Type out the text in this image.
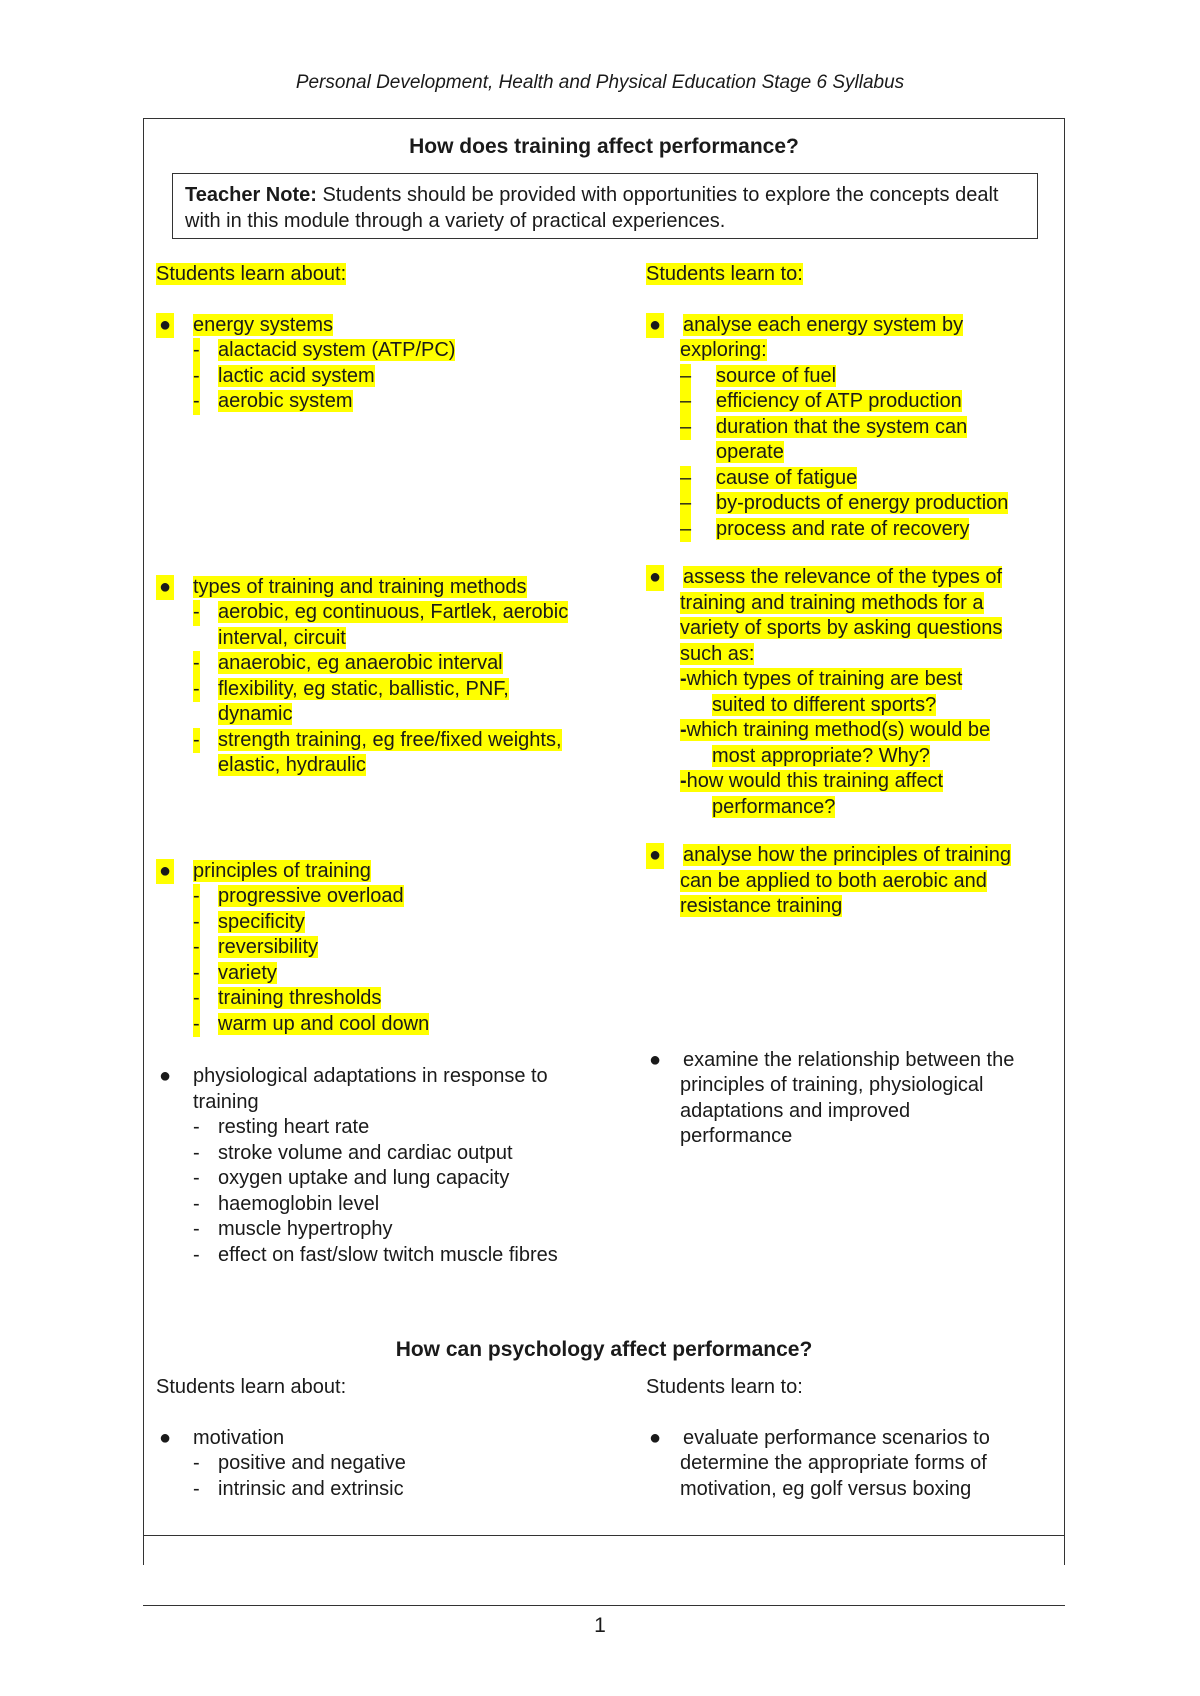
Personal Development, Health and Physical Education Stage 6 Syllabus
How does training affect performance?
Teacher Note: Students should be provided with opportunities to explore the concepts dealt with in this module through a variety of practical experiences.
Students learn about:
● energy systems
- alactacid system (ATP/PC)
- lactic acid system
- aerobic system
● types of training and training methods
- aerobic, eg continuous, Fartlek, aerobic
interval, circuit
- anaerobic, eg anaerobic interval
- flexibility, eg static, ballistic, PNF,
dynamic
- strength training, eg free/fixed weights,
elastic, hydraulic
● principles of training
- progressive overload
- specificity
- reversibility
- variety
- training thresholds
- warm up and cool down
● physiological adaptations in response to
training
- resting heart rate
- stroke volume and cardiac output
- oxygen uptake and lung capacity
- haemoglobin level
- muscle hypertrophy
- effect on fast/slow twitch muscle fibres
Students learn to:
● analyse each energy system by
exploring:
– source of fuel
– efficiency of ATP production
– duration that the system can
operate
– cause of fatigue
– by-products of energy production
– process and rate of recovery
● assess the relevance of the types of
training and training methods for a
variety of sports by asking questions
such as:
-which types of training are best
suited to different sports?
-which training method(s) would be
most appropriate? Why?
-how would this training affect
performance?
● analyse how the principles of training
can be applied to both aerobic and
resistance training
● examine the relationship between the
principles of training, physiological
adaptations and improved
performance
How can psychology affect performance?
Students learn about:
● motivation
- positive and negative
- intrinsic and extrinsic
Students learn to:
● evaluate performance scenarios to
determine the appropriate forms of
motivation, eg golf versus boxing
1
